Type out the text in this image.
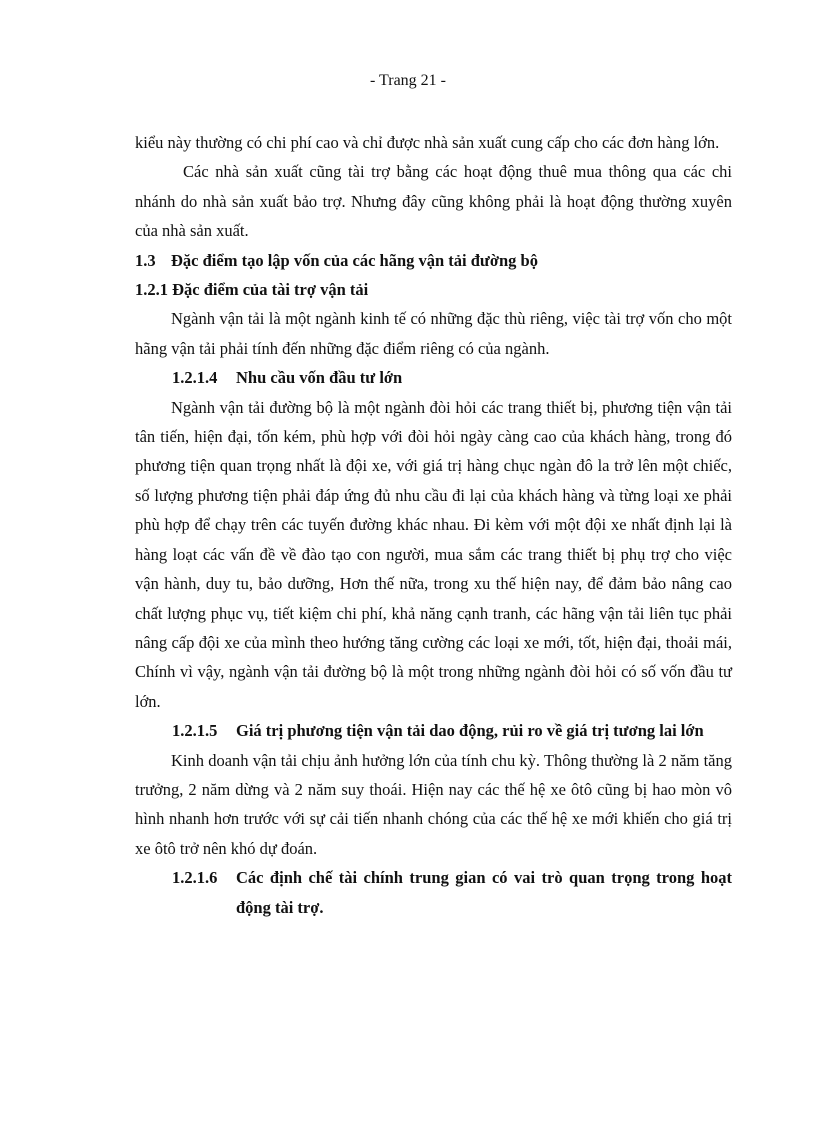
- Trang 21 -

kiểu này thường có chi phí cao và chỉ được nhà sản xuất cung cấp cho các đơn hàng lớn.

Các nhà sản xuất cũng tài trợ bằng các hoạt động thuê mua thông qua các chi nhánh do nhà sản xuất bảo trợ. Nhưng đây cũng không phải là hoạt động thường xuyên của nhà sản xuất.

1.3 Đặc điểm tạo lập vốn của các hãng vận tải đường bộ

1.2.1 Đặc điểm của tài trợ vận tải

Ngành vận tải là một ngành kinh tế có những đặc thù riêng, việc tài trợ vốn cho một hãng vận tải phải tính đến những đặc điểm riêng có của ngành.

1.2.1.4	Nhu cầu vốn đầu tư lớn

Ngành vận tải đường bộ là một ngành đòi hỏi các trang thiết bị, phương tiện vận tải tân tiến, hiện đại, tốn kém, phù hợp với đòi hỏi ngày càng cao của khách hàng, trong đó phương tiện quan trọng nhất là đội xe, với giá trị hàng chục ngàn đô la trở lên một chiếc, số lượng phương tiện phải đáp ứng đủ nhu cầu đi lại của khách hàng và từng loại xe phải phù hợp để chạy trên các tuyến đường khác nhau. Đi kèm với một đội xe nhất định lại là hàng loạt các vấn đề về đào tạo con người, mua sắm các trang thiết bị phụ trợ cho việc vận hành, duy tu, bảo dưỡng, Hơn thế nữa, trong xu thế hiện nay, để đảm bảo nâng cao chất lượng phục vụ, tiết kiệm chi phí, khả năng cạnh tranh, các hãng vận tải liên tục phải nâng cấp đội xe của mình theo hướng tăng cường các loại xe mới, tốt, hiện đại, thoải mái, Chính vì vậy, ngành vận tải đường bộ là một trong những ngành đòi hỏi có số vốn đầu tư lớn.

1.2.1.5	Giá trị phương tiện vận tải dao động, rủi ro về giá trị tương lai lớn

Kinh doanh vận tải chịu ảnh hưởng lớn của tính chu kỳ. Thông thường là 2 năm tăng trưởng, 2 năm dừng và 2 năm suy thoái. Hiện nay các thế hệ xe ôtô cũng bị hao mòn vô hình nhanh hơn trước với sự cải tiến nhanh chóng của các thế hệ xe mới khiến cho giá trị xe ôtô trở nên khó dự đoán.

1.2.1.6	Các định chế tài chính trung gian có vai trò quan trọng trong hoạt động tài trợ.
